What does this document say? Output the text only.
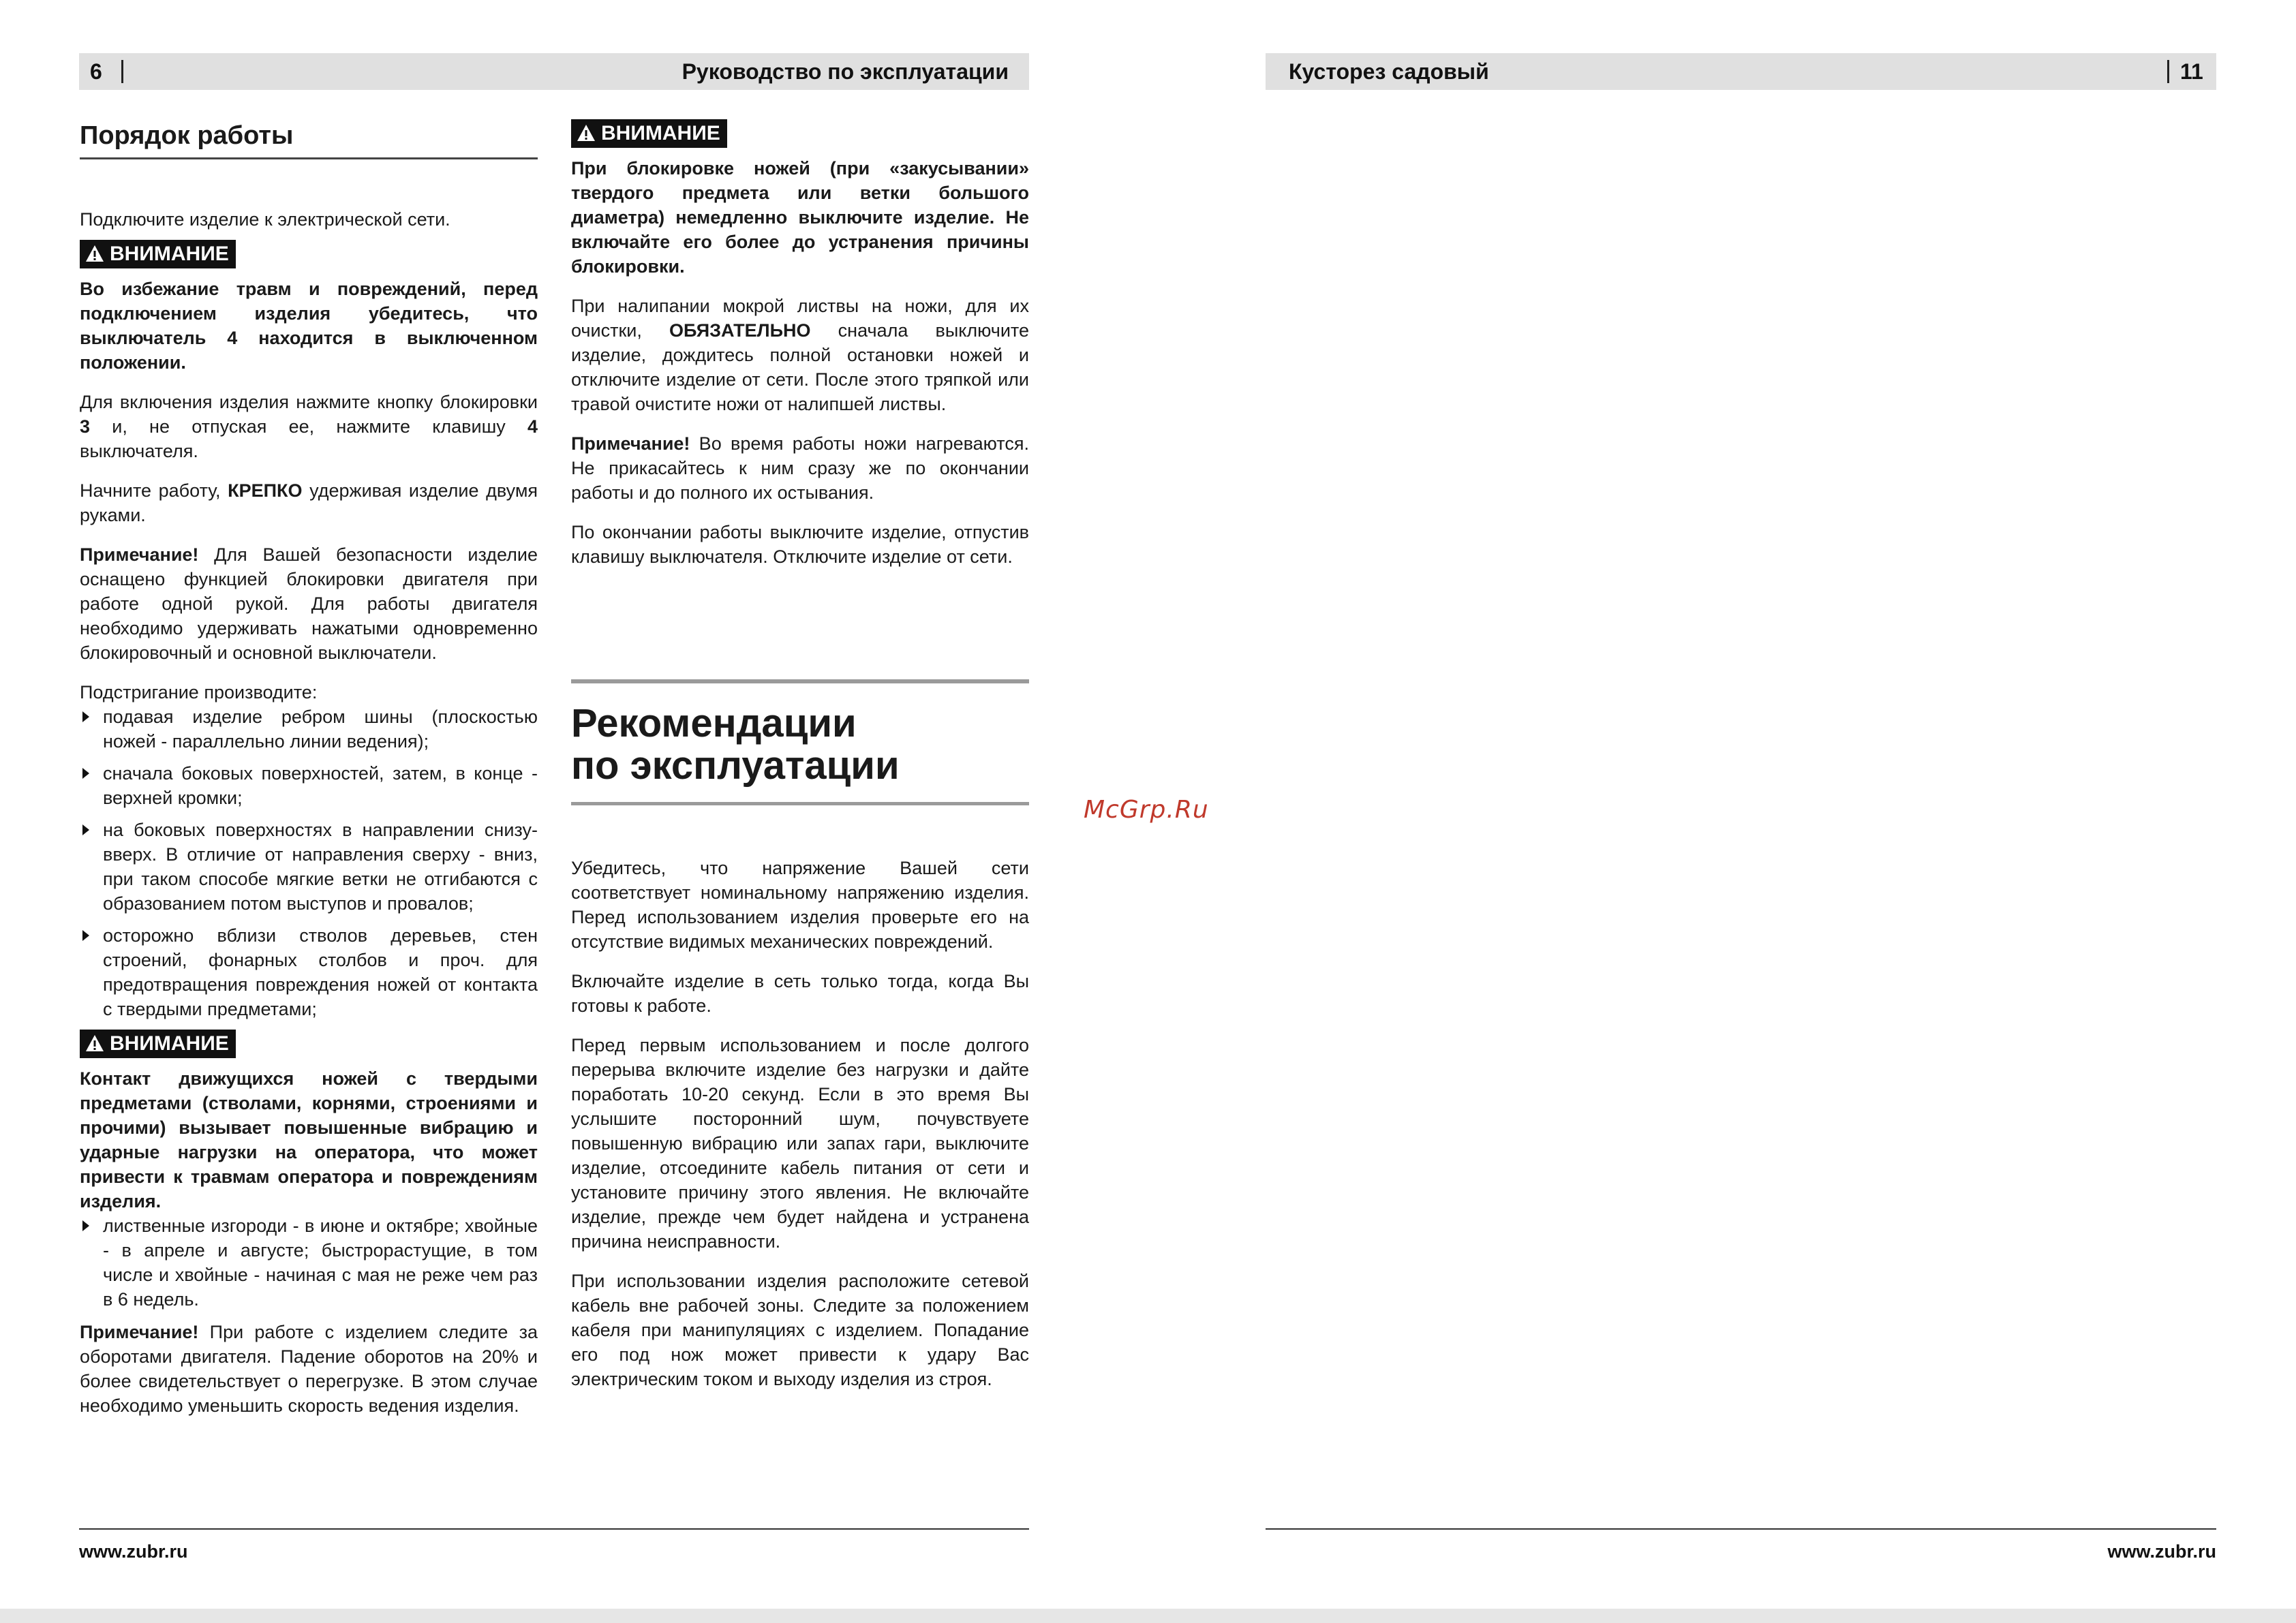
6	Руководство по эксплуатации	Кусторез садовый	11
Порядок работы

Подключите изделие к электрической сети.

ВНИМАНИЕ

Во избежание травм и повреждений, перед подключением изделия убедитесь, что выключатель 4 находится в выключенном положении.

Для включения изделия нажмите кнопку блокировки 3 и, не отпуская ее, нажмите клавишу 4 выключателя.

Начните работу, КРЕПКО удерживая изделие двумя руками.

Примечание! Для Вашей безопасности изделие оснащено функцией блокировки двигателя при работе одной рукой. Для работы двигателя необходимо удерживать нажатыми одновременно блокировочный и основной выключатели.

Подстригание производите:

подавая изделие ребром шины (плоскостью ножей - параллельно линии ведения);
сначала боковых поверхностей, затем, в конце - верхней кромки;
на боковых поверхностях в направлении снизу-вверх. В отличие от направления сверху - вниз, при таком способе мягкие ветки не отгибаются с образованием потом выступов и провалов;
осторожно вблизи стволов деревьев, стен строений, фонарных столбов и проч. для предотвращения повреждения ножей от контакта с твердыми предметами;
ВНИМАНИЕ

Контакт движущихся ножей с твердыми предметами (стволами, корнями, строениями и прочими) вызывает повышенные вибрацию и ударные нагрузки на оператора, что может привести к травмам оператора и повреждениям изделия.

лиственные изгороди - в июне и октябре; хвойные - в апреле и августе; быстрорастущие, в том числе и хвойные - начиная с мая не реже чем раз в 6 недель.

Примечание! При работе с изделием следите за оборотами двигателя. Падение оборотов на 20% и более свидетельствует о перегрузке. В этом случае необходимо уменьшить скорость ведения изделия.

ВНИМАНИЕ

При блокировке ножей (при «закусывании» твердого предмета или ветки большого диаметра) немедленно выключите изделие. Не включайте его более до устранения причины блокировки.

При налипании мокрой листвы на ножи, для их очистки, ОБЯЗАТЕЛЬНО сначала выключите изделие, дождитесь полной остановки ножей и отключите изделие от сети. После этого тряпкой или травой очистите ножи от налипшей листвы.

Примечание! Во время работы ножи нагреваются. Не прикасайтесь к ним сразу же по окончании работы и до полного их остывания.

По окончании работы выключите изделие, отпустив клавишу выключателя. Отключите изделие от сети.

Рекомендации
по эксплуатации

Убедитесь, что напряжение Вашей сети соответствует номинальному напряжению изделия. Перед использованием изделия проверьте его на отсутствие видимых механических повреждений.

Включайте изделие в сеть только тогда, когда Вы готовы к работе.

Перед первым использованием и после долгого перерыва включите изделие без нагрузки и дайте поработать 10-20 секунд. Если в это время Вы услышите посторонний шум, почувствуете повышенную вибрацию или запах гари, выключите изделие, отсоедините кабель питания от сети и установите причину этого явления. Не включайте изделие, прежде чем будет найдена и устранена причина неисправности.

При использовании изделия расположите сетевой кабель вне рабочей зоны. Следите за положением кабеля при манипуляциях с изделием. Попадание его под нож может привести к удару Вас электрическим током и выходу изделия из строя.

McGrp.Ru
www.zubr.ru	www.zubr.ru
